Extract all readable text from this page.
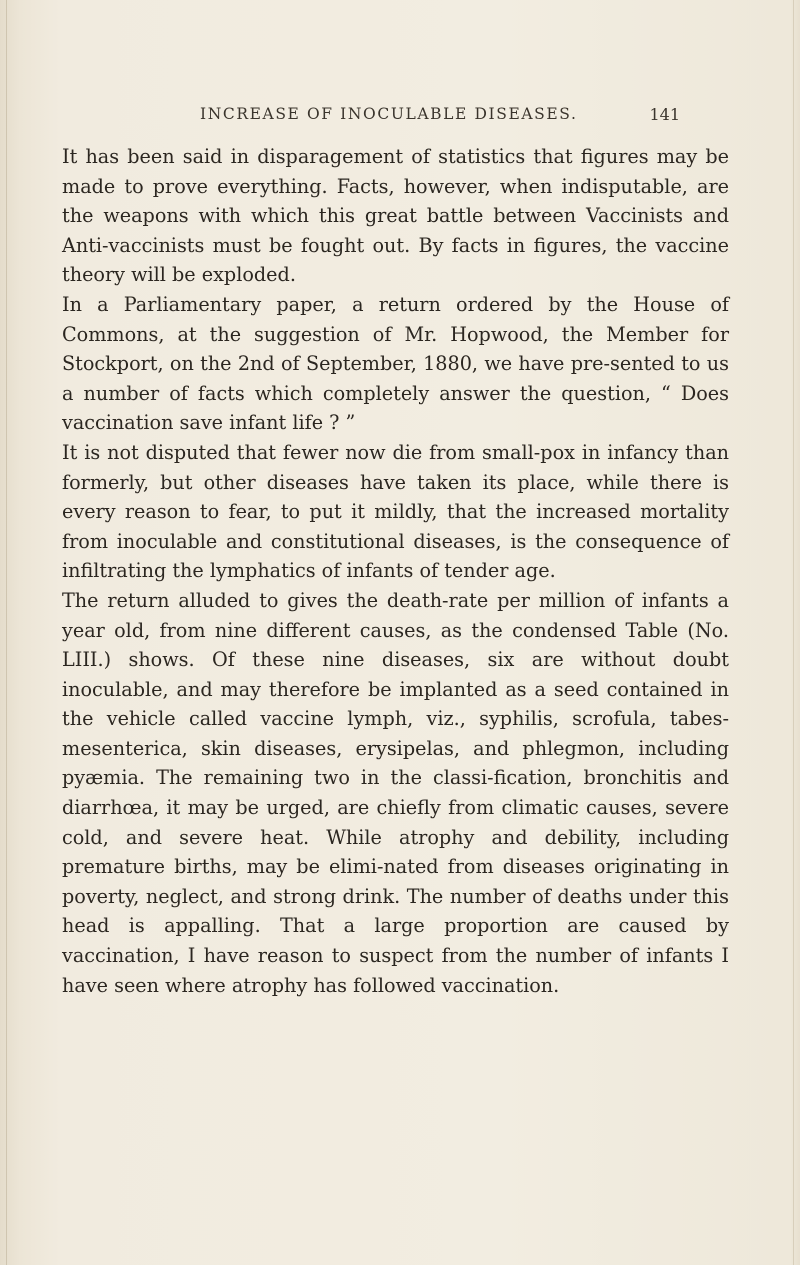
INCREASE OF INOCULABLE DISEASES.	141

It has been said in disparagement of statistics that figures may be made to prove everything. Facts, however, when indisputable, are the weapons with which this great battle between Vaccinists and Anti-vaccinists must be fought out. By facts in figures, the vaccine theory will be exploded.

In a Parliamentary paper, a return ordered by the House of Commons, at the suggestion of Mr. Hopwood, the Member for Stockport, on the 2nd of September, 1880, we have pre-sented to us a number of facts which completely answer the question, “ Does vaccination save infant life ? ”

It is not disputed that fewer now die from small-pox in infancy than formerly, but other diseases have taken its place, while there is every reason to fear, to put it mildly, that the increased mortality from inoculable and constitutional diseases, is the consequence of infiltrating the lymphatics of infants of tender age.

The return alluded to gives the death-rate per million of infants a year old, from nine different causes, as the condensed Table (No. LIII.) shows. Of these nine diseases, six are without doubt inoculable, and may therefore be implanted as a seed contained in the vehicle called vaccine lymph, viz., syphilis, scrofula, tabes-mesenterica, skin diseases, erysipelas, and phlegmon, including pyæmia. The remaining two in the classi-fication, bronchitis and diarrhœa, it may be urged, are chiefly from climatic causes, severe cold, and severe heat. While atrophy and debility, including premature births, may be elimi-nated from diseases originating in poverty, neglect, and strong drink. The number of deaths under this head is appalling. That a large proportion are caused by vaccination, I have reason to suspect from the number of infants I have seen where atrophy has followed vaccination.
